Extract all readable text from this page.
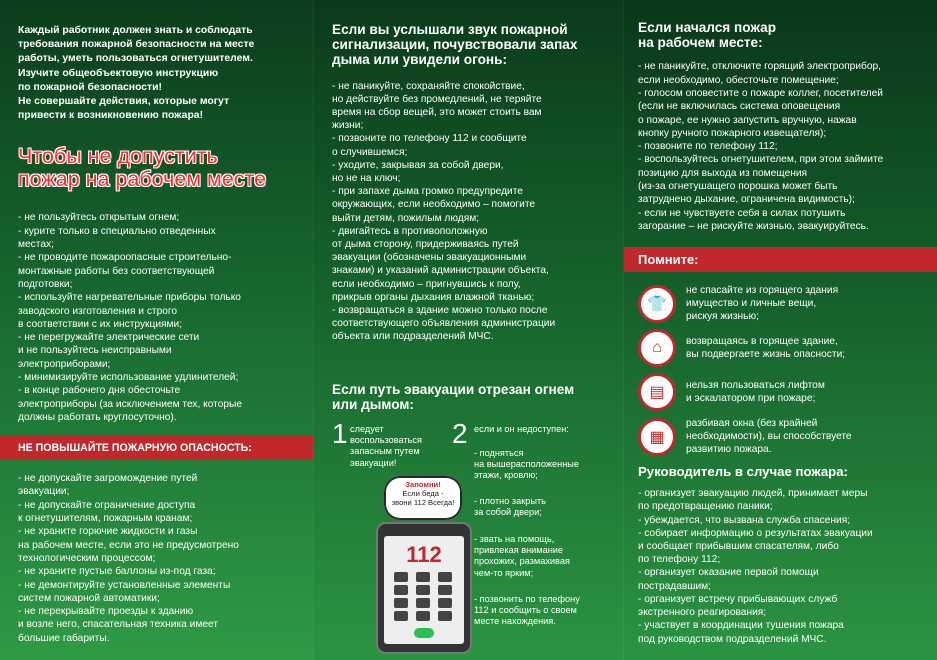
Каждый работник должен знать и соблюдать

требования пожарной безопасности на месте

работы, уметь пользоваться огнетушителем.

Изучите общеобъектовую инструкцию

по пожарной безопасности!

Не совершайте действия, которые могут

привести к возникновению пожара!

Чтобы не допустить
пожар на рабочем месте

- не пользуйтесь открытым огнем;

- курите только в специально отведенных

местах;

- не проводите пожароопасные строительно-

монтажные работы без соответствующей

подготовки;

- используйте нагревательные приборы только

заводского изготовления и строго

в соответствии с их инструкциями;

- не перегружайте электрические сети

и не пользуйтесь неисправными

электроприборами;

- минимизируйте использование удлинителей;

- в конце рабочего дня обесточьте

электроприборы (за исключением тех, которые

должны работать круглосуточно).

НЕ ПОВЫШАЙТЕ ПОЖАРНУЮ ОПАСНОСТЬ:

- не допускайте загромождение путей

эвакуации;

- не допускайте ограничение доступа

к огнетушителям, пожарным кранам;

- не храните горючие жидкости и газы

на рабочем месте, если это не предусмотрено

технологическим процессом;

- не храните пустые баллоны из-под газа;

- не демонтируйте установленные элементы

систем пожарной автоматики;

- не перекрывайте проезды к зданию

и возле него, спасательная техника имеет

большие габариты.

Если вы услышали звук пожарной
сигнализации, почувствовали запах
дыма или увидели огонь:

- не паникуйте, сохраняйте спокойствие,

но действуйте без промедлений, не теряйте

время на сбор вещей, это может стоить вам

жизни;

- позвоните по телефону 112 и сообщите

о случившемся;

- уходите, закрывая за собой двери,

но не на ключ;

- при запахе дыма громко предупредите

окружающих, если необходимо – помогите

выйти детям, пожилым людям;

- двигайтесь в противоположную

от дыма сторону, придерживаясь путей

эвакуации (обозначены эвакуационными

знаками) и указаний администрации объекта,

если необходимо – пригнувшись к полу,

прикрыв органы дыхания влажной тканью;

- возвращаться в здание можно только после

соответствующего объявления администрации

объекта или подразделений МЧС.

Если путь эвакуации отрезан огнем
или дымом:
1 следует
воспользоваться
запасным путем
эвакуации!
2 если и он недоступен:
- подняться
на вышерасположенные
этажи, кровлю;
- плотно закрыть
за собой двери;
- звать на помощь,
привлекая внимание
прохожих, размахивая
чем-то ярким;
- позвонить по телефону
112 и сообщить о своем
месте нахождения.
112
Запомни!
Если беда -
звони 112 Всегда!
Если начался пожар
на рабочем месте:

- не паникуйте, отключите горящий электроприбор,

если необходимо, обесточьте помещение;

- голосом оповестите о пожаре коллег, посетителей

(если не включилась система оповещения

о пожаре, ее нужно запустить вручную, нажав

кнопку ручного пожарного извещателя);

- позвоните по телефону 112;

- воспользуйтесь огнетушителем, при этом займите

позицию для выхода из помещения

(из-за огнетушащего порошка может быть

затруднено дыхание, ограничена видимость);

- если не чувствуете себя в силах потушить

загорание – не рискуйте жизнью, эвакуируйтесь.

Помните:
👕
не спасайте из горящего здания
имущество и личные вещи,
рискуя жизнью;
⌂	возвращаясь в горящее здание,
вы подвергаете жизнь опасности;
▤	нельзя пользоваться лифтом
и эскалатором при пожаре;
▦
разбивая окна (без крайней
необходимости), вы способствуете
развитию пожара.
Руководитель в случае пожара:

- организует эвакуацию людей, принимает меры

по предотвращению паники;

- убеждается, что вызвана служба спасения;

- собирает информацию о результатах эвакуации

и сообщает прибывшим спасателям, либо

по телефону 112;

- организует оказание первой помощи

пострадавшим;

- организует встречу прибывающих служб

экстренного реагирования;

- участвует в координации тушения пожара

под руководством подразделений МЧС.
